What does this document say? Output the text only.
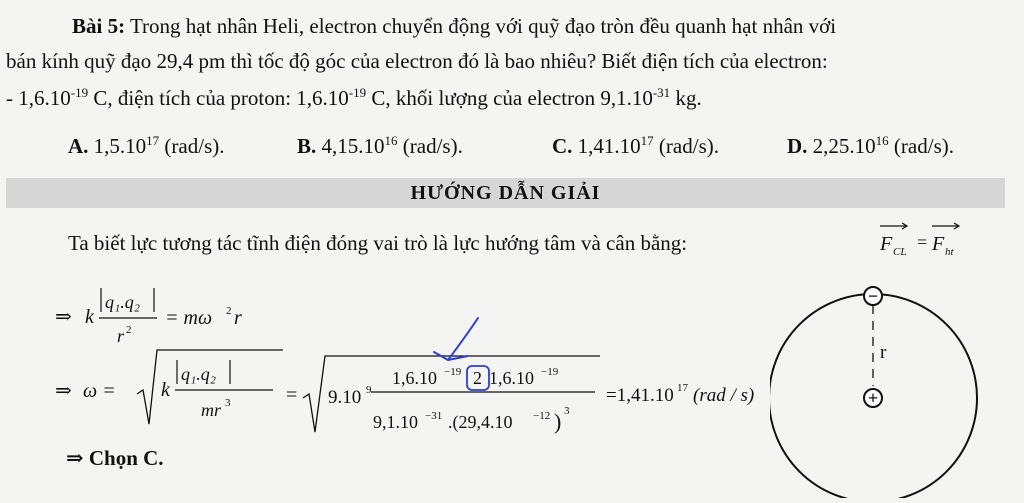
Bài 5: Trong hạt nhân Heli, electron chuyển động với quỹ đạo tròn đều quanh hạt nhân với
bán kính quỹ đạo 29,4 pm thì tốc độ góc của electron đó là bao nhiêu? Biết điện tích của electron:
- $1,6.10^{-19}$ C, điện tích của proton: $1,6.10^{-19}$ C, khối lượng của electron $9,1.10^{-31}$ kg.
A. 1,5.10$^{17}$ (rad/s).	B. 4,15.10$^{16}$ (rad/s).	C. 1,41.10$^{17}$ (rad/s).	D. 2,25.10$^{16}$ (rad/s).
HƯỚNG DẪN GIẢI
Ta biết lực tương tác tĩnh điện đóng vai trò là lực hướng tâm và cân bằng:	F CL = F ht
⇒ k
q₁.q₂
r 2
= mω 2 r
⇒ ω = k
q₁.q₂
mr 3	= 9.10 9
1,6.10 −19 2 1,6.10 −19
9,1.10 −31 .(29,4.10 −12 ) 3
=1,41.10 17 (rad / s)
⇒ Chọn C.
−
+
r
